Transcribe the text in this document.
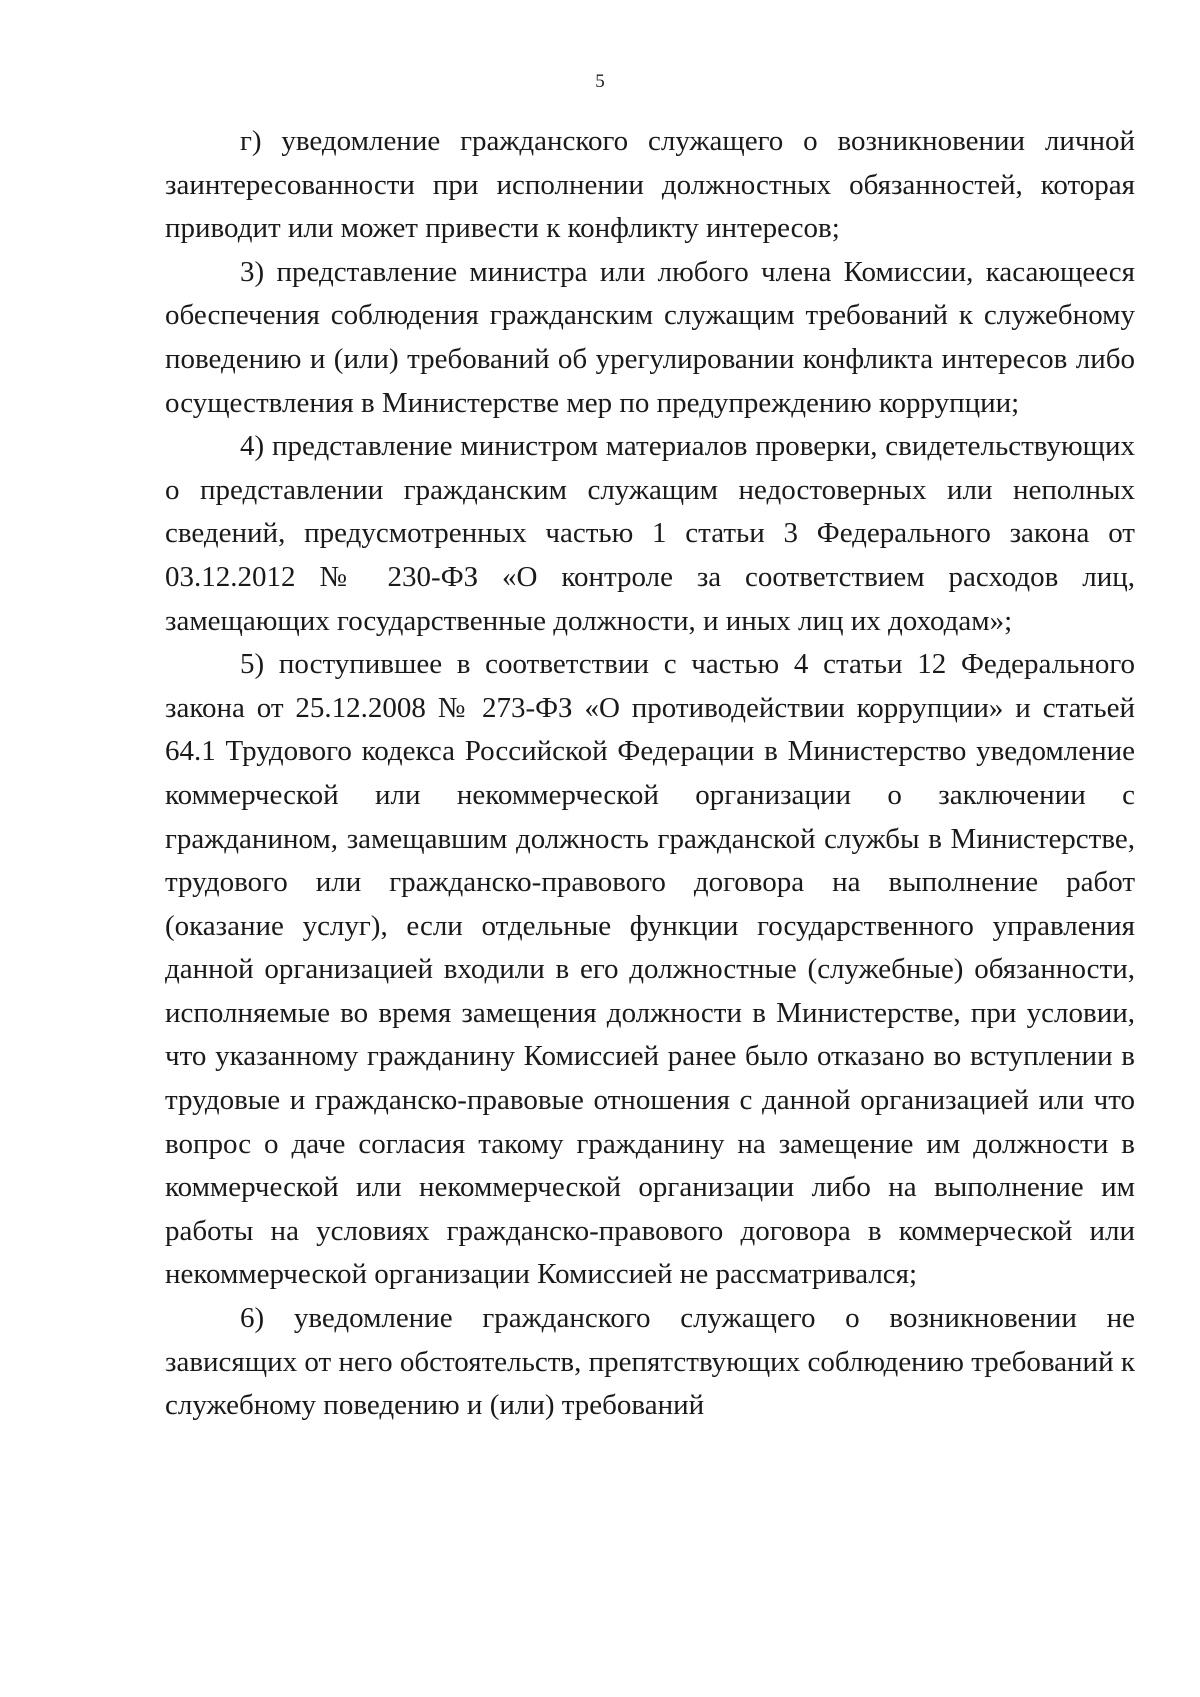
5

г) уведомление гражданского служащего о возникновении личной заинтересованности при исполнении должностных обязанностей, которая приводит или может привести к конфликту интересов;

3) представление министра или любого члена Комиссии, касающееся обеспечения соблюдения гражданским служащим требований к служебному поведению и (или) требований об урегулировании конфликта интересов либо осуществления в Министерстве мер по предупреждению коррупции;

4) представление министром материалов проверки, свидетельствующих о представлении гражданским служащим недостоверных или неполных сведений, предусмотренных частью 1 статьи 3 Федерального закона от 03.12.2012 № 230-ФЗ «О контроле за соответствием расходов лиц, замещающих государственные должности, и иных лиц их доходам»;

5) поступившее в соответствии с частью 4 статьи 12 Федерального закона от 25.12.2008 № 273-ФЗ «О противодействии коррупции» и статьей 64.1 Трудового кодекса Российской Федерации в Министерство уведомление коммерческой или некоммерческой организации о заключении с гражданином, замещавшим должность гражданской службы в Министерстве, трудового или гражданско-правового договора на выполнение работ (оказание услуг), если отдельные функции государственного управления данной организацией входили в его должностные (служебные) обязанности, исполняемые во время замещения должности в Министерстве, при условии, что указанному гражданину Комиссией ранее было отказано во вступлении в трудовые и гражданско-правовые отношения с данной организацией или что вопрос о даче согласия такому гражданину на замещение им должности в коммерческой или некоммерческой организации либо на выполнение им работы на условиях гражданско-правового договора в коммерческой или некоммерческой организации Комиссией не рассматривался;

6) уведомление гражданского служащего о возникновении не зависящих от него обстоятельств, препятствующих соблюдению требований к служебному поведению и (или) требований
